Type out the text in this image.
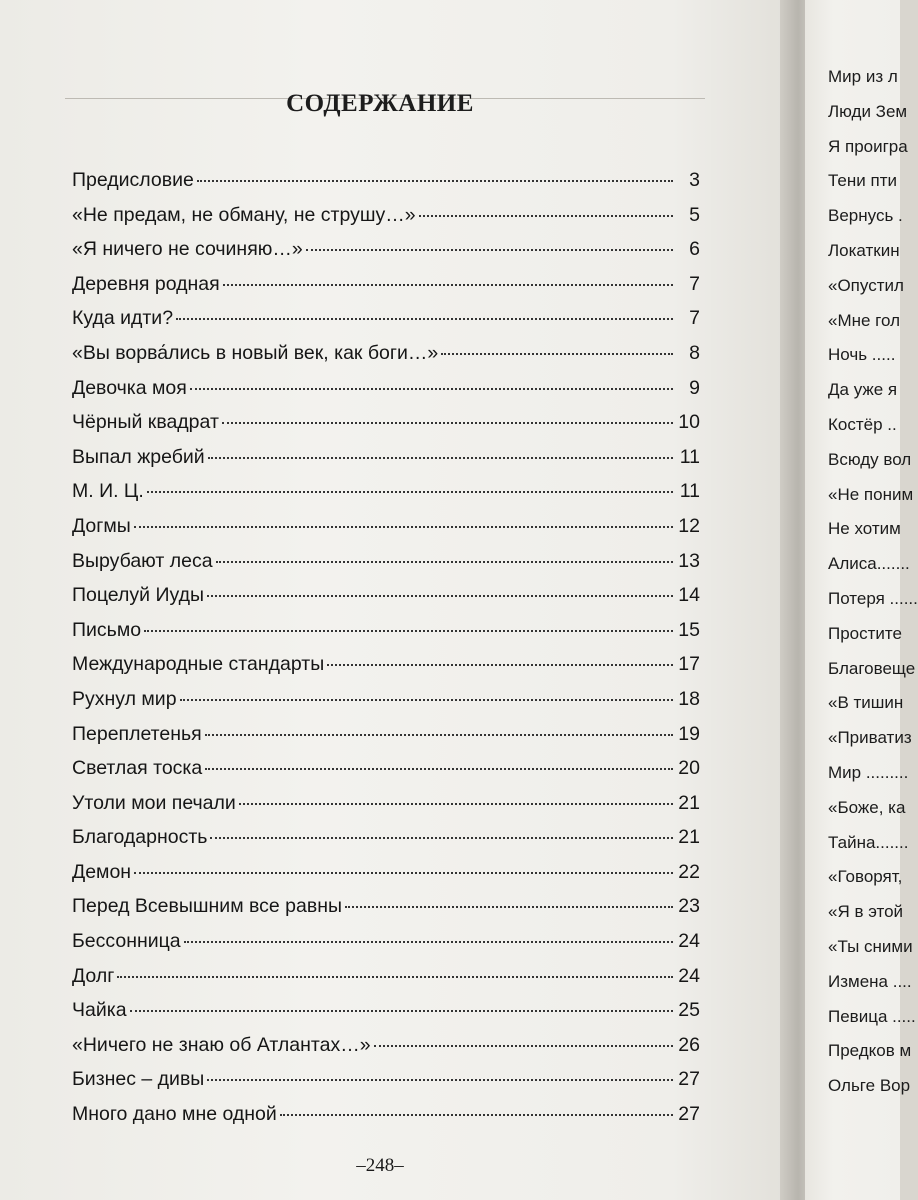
СОДЕРЖАНИЕ
Предисловие	3
«Не предам, не обману, не струшу…»	5
«Я ничего не сочиняю…»	6
Деревня родная	7
Куда идти?	7
«Вы ворва́лись в новый век, как боги…»	8
Девочка моя	9
Чёрный квадрат	10
Выпал жребий	11
М. И. Ц.	11
Догмы	12
Вырубают леса	13
Поцелуй Иуды	14
Письмо	15
Международные стандарты	17
Рухнул мир	18
Переплетенья	19
Светлая тоска	20
Утоли мои печали	21
Благодарность	21
Демон	22
Перед Всевышним все равны	23
Бессонница	24
Долг	24
Чайка	25
«Ничего не знаю об Атлантах…»	26
Бизнес – дивы	27
Много дано мне одной	27
–248–
Мир из л
Люди Зем
Я проигра
Тени пти
Вернусь .
Локаткин
«Опустил
«Мне гол
Ночь .....
Да уже я
Костёр ..
Всюду вол
«Не поним
Не хотим
Алиса.......
Потеря ......
Простите
Благовеще
«В тишин
«Приватиз
Мир .........
«Боже, ка
Тайна.......
«Говорят,
«Я в этой
«Ты сними
Измена ....
Певица .....
Предков м
Ольге Вор
